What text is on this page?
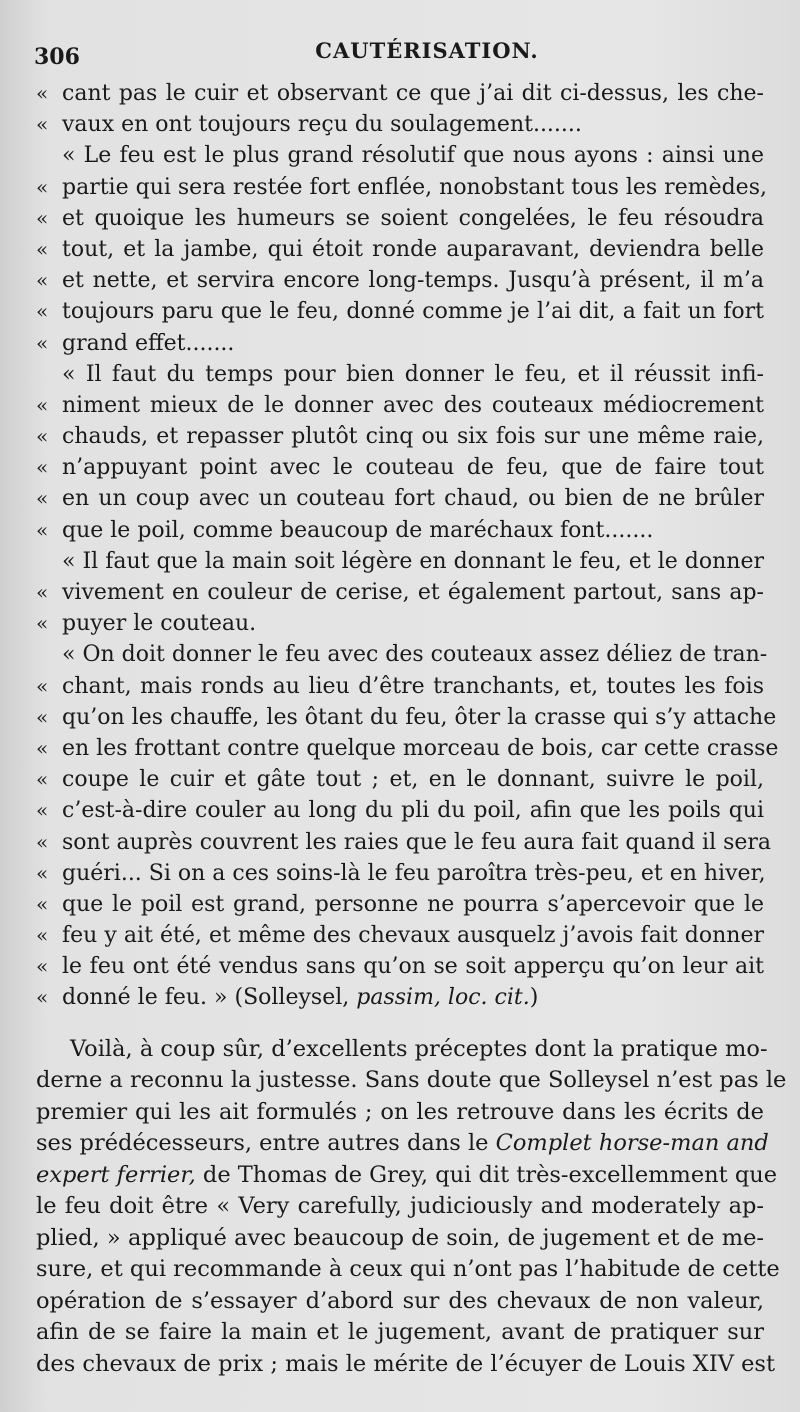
306	CAUTÉRISATION.
« cant pas le cuir et observant ce que j’ai dit ci-dessus, les che-
« vaux en ont toujours reçu du soulagement.......
« Le feu est le plus grand résolutif que nous ayons : ainsi une
« partie qui sera restée fort enflée, nonobstant tous les remèdes,
« et quoique les humeurs se soient congelées, le feu résoudra
« tout, et la jambe, qui étoit ronde auparavant, deviendra belle
« et nette, et servira encore long-temps. Jusqu’à présent, il m’a
« toujours paru que le feu, donné comme je l’ai dit, a fait un fort
« grand effet.......
« Il faut du temps pour bien donner le feu, et il réussit infi-
« niment mieux de le donner avec des couteaux médiocrement
« chauds, et repasser plutôt cinq ou six fois sur une même raie,
« n’appuyant point avec le couteau de feu, que de faire tout
« en un coup avec un couteau fort chaud, ou bien de ne brûler
« que le poil, comme beaucoup de maréchaux font.......
« Il faut que la main soit légère en donnant le feu, et le donner
« vivement en couleur de cerise, et également partout, sans ap-
« puyer le couteau.
« On doit donner le feu avec des couteaux assez déliez de tran-
« chant, mais ronds au lieu d’être tranchants, et, toutes les fois
« qu’on les chauffe, les ôtant du feu, ôter la crasse qui s’y attache
« en les frottant contre quelque morceau de bois, car cette crasse
« coupe le cuir et gâte tout ; et, en le donnant, suivre le poil,
« c’est-à-dire couler au long du pli du poil, afin que les poils qui
« sont auprès couvrent les raies que le feu aura fait quand il sera
« guéri... Si on a ces soins-là le feu paroîtra très-peu, et en hiver,
« que le poil est grand, personne ne pourra s’apercevoir que le
« feu y ait été, et même des chevaux ausquelz j’avois fait donner
« le feu ont été vendus sans qu’on se soit apperçu qu’on leur ait
« donné le feu. » (Solleysel, passim, loc. cit.)
Voilà, à coup sûr, d’excellents préceptes dont la pratique mo-
derne a reconnu la justesse. Sans doute que Solleysel n’est pas le
premier qui les ait formulés ; on les retrouve dans les écrits de
ses prédécesseurs, entre autres dans le Complet horse-man and
expert ferrier, de Thomas de Grey, qui dit très-excellemment que
le feu doit être « Very carefully, judiciously and moderately ap-
plied, » appliqué avec beaucoup de soin, de jugement et de me-
sure, et qui recommande à ceux qui n’ont pas l’habitude de cette
opération de s’essayer d’abord sur des chevaux de non valeur,
afin de se faire la main et le jugement, avant de pratiquer sur
des chevaux de prix ; mais le mérite de l’écuyer de Louis XIV est
